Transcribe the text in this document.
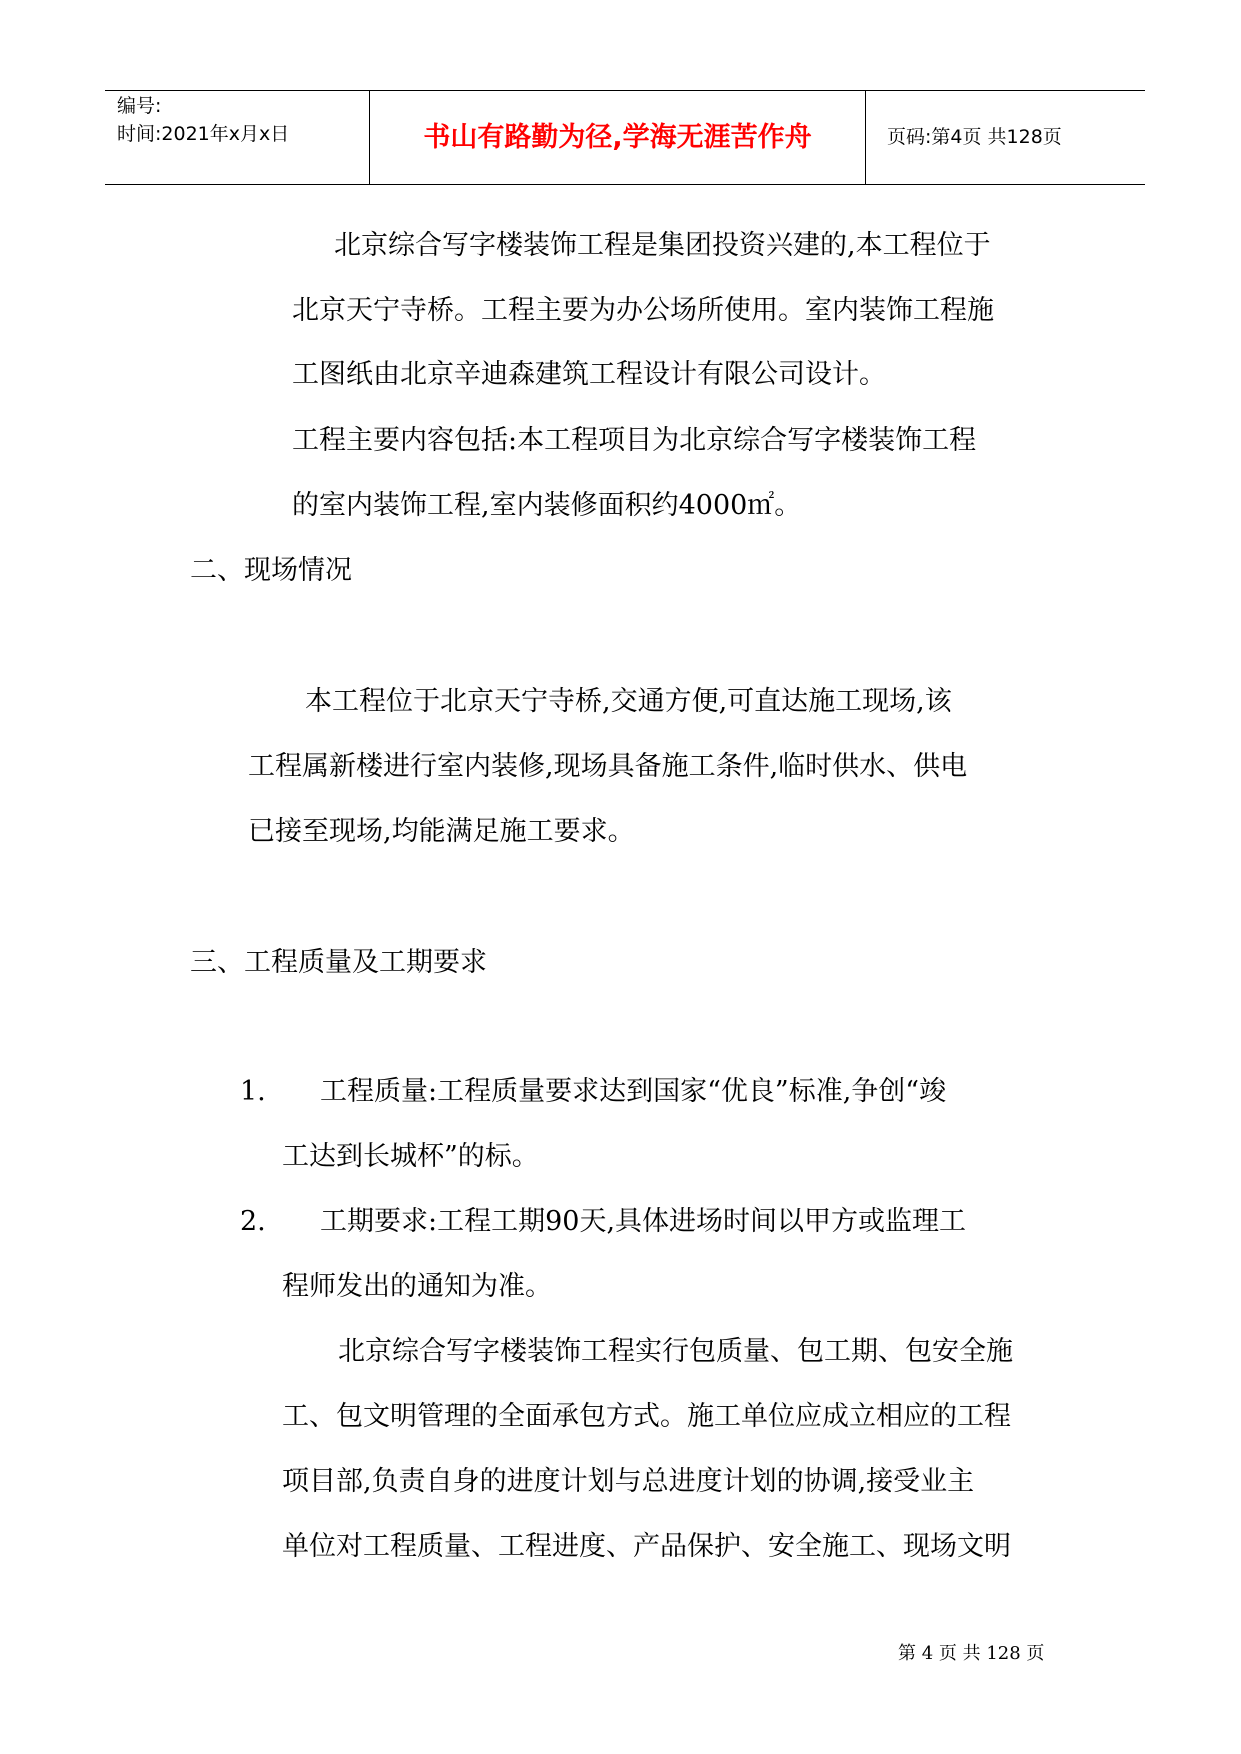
编号:
时间:2021年x月x日	书山有路勤为径,学海无涯苦作舟	页码:第4页 共128页
北京综合写字楼装饰工程是集团投资兴建的,本工程位于
北京天宁寺桥。工程主要为办公场所使用。室内装饰工程施
工图纸由北京辛迪森建筑工程设计有限公司设计。
工程主要内容包括:本工程项目为北京综合写字楼装饰工程
的室内装饰工程,室内装修面积约4000㎡。
二、现场情况
本工程位于北京天宁寺桥,交通方便,可直达施工现场,该
工程属新楼进行室内装修,现场具备施工条件,临时供水、供电
已接至现场,均能满足施工要求。
三、工程质量及工期要求
1. 工程质量:工程质量要求达到国家“优良”标准,争创“竣
工达到长城杯”的标。
2. 工期要求:工程工期90天,具体进场时间以甲方或监理工
程师发出的通知为准。
北京综合写字楼装饰工程实行包质量、包工期、包安全施
工、包文明管理的全面承包方式。施工单位应成立相应的工程
项目部,负责自身的进度计划与总进度计划的协调,接受业主
单位对工程质量、工程进度、产品保护、安全施工、现场文明
第 4 页 共 128 页
